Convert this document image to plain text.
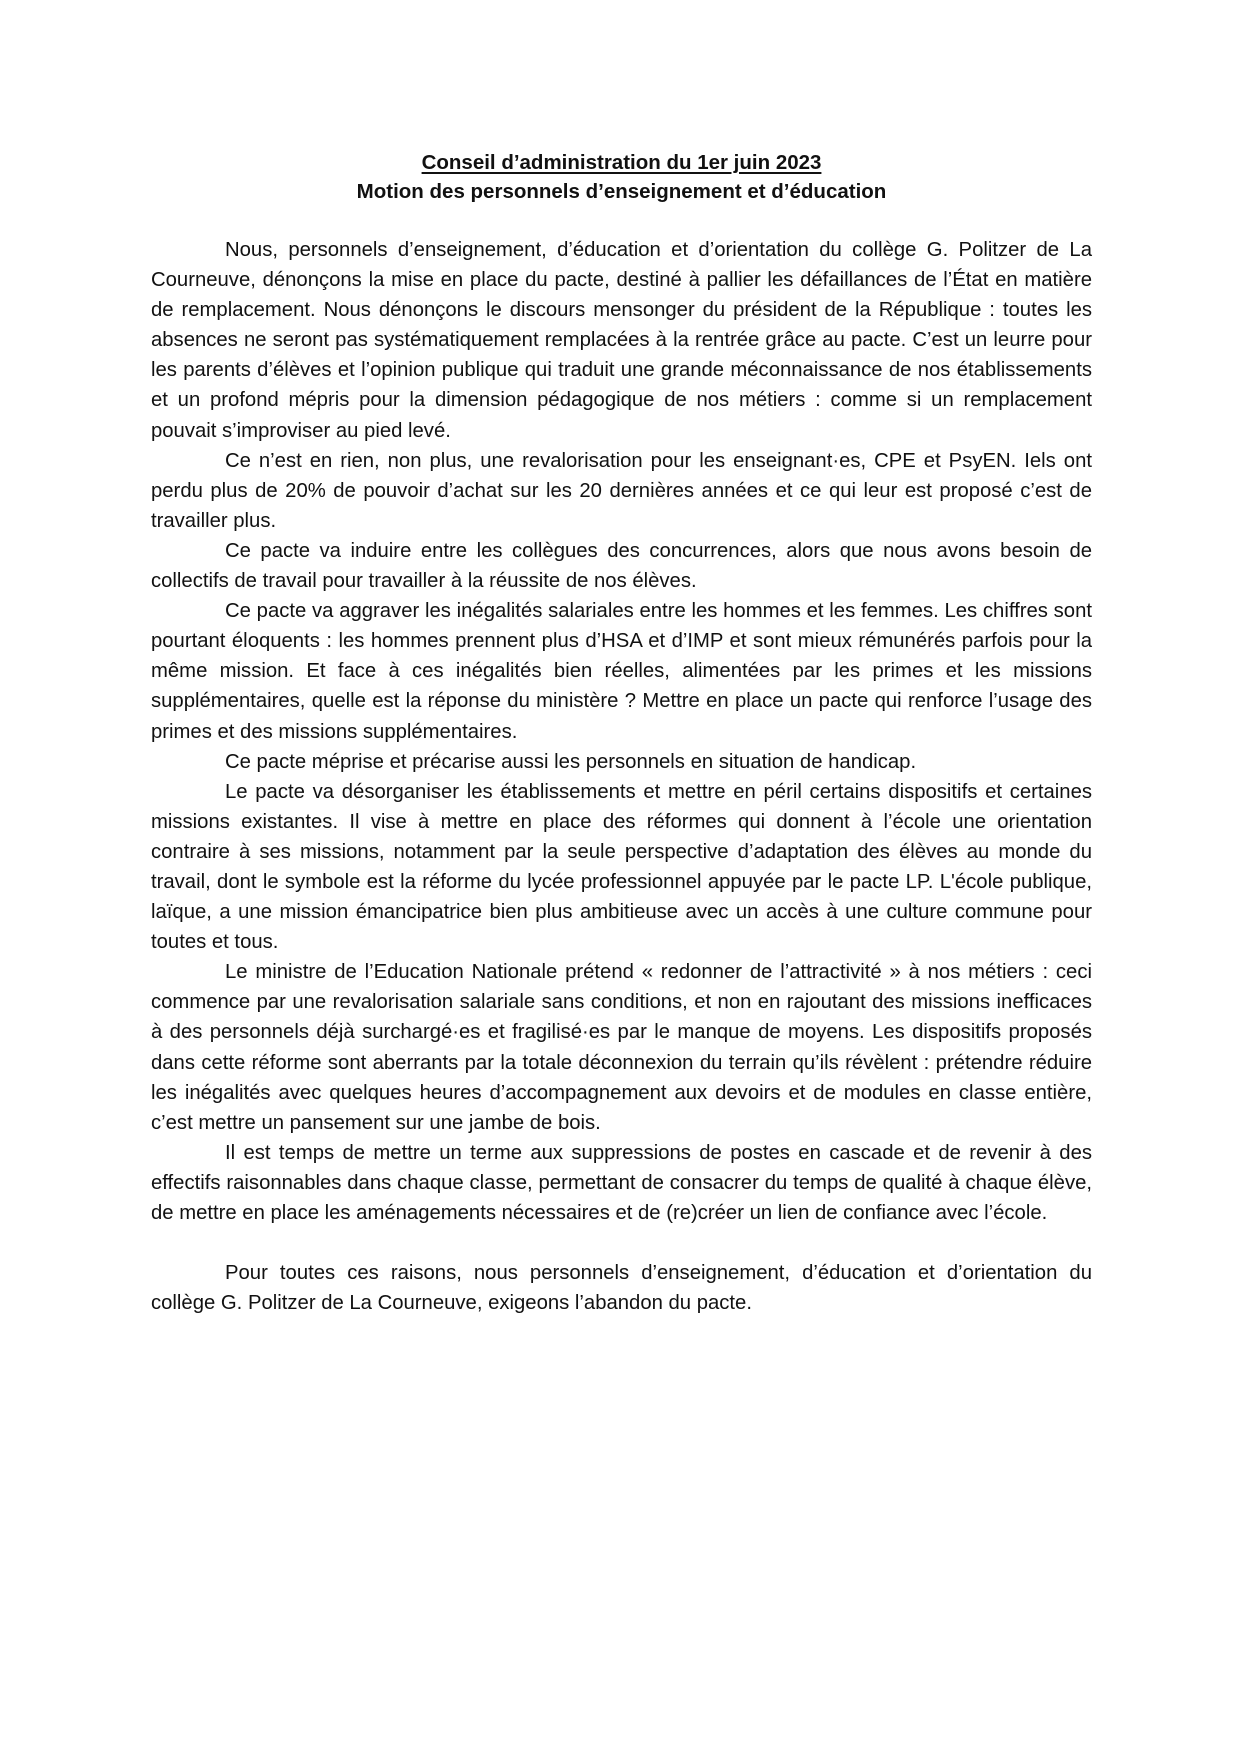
Conseil d’administration du 1er juin 2023

Motion des personnels d’enseignement et d’éducation

Nous, personnels d’enseignement, d’éducation et d’orientation du collège G. Politzer de La Courneuve, dénonçons la mise en place du pacte, destiné à pallier les défaillances de l’État en matière de remplacement. Nous dénonçons le discours mensonger du président de la République : toutes les absences ne seront pas systématiquement remplacées à la rentrée grâce au pacte. C’est un leurre pour les parents d’élèves et l’opinion publique qui traduit une grande méconnaissance de nos établissements et un profond mépris pour la dimension pédagogique de nos métiers : comme si un remplacement pouvait s’improviser au pied levé.

Ce n’est en rien, non plus, une revalorisation pour les enseignant·es, CPE et PsyEN. Iels ont perdu plus de 20% de pouvoir d’achat sur les 20 dernières années et ce qui leur est proposé c’est de travailler plus.

Ce pacte va induire entre les collègues des concurrences, alors que nous avons besoin de collectifs de travail pour travailler à la réussite de nos élèves.

Ce pacte va aggraver les inégalités salariales entre les hommes et les femmes. Les chiffres sont pourtant éloquents : les hommes prennent plus d’HSA et d’IMP et sont mieux rémunérés parfois pour la même mission. Et face à ces inégalités bien réelles, alimentées par les primes et les missions supplémentaires, quelle est la réponse du ministère ? Mettre en place un pacte qui renforce l’usage des primes et des missions supplémentaires.

Ce pacte méprise et précarise aussi les personnels en situation de handicap.

Le pacte va désorganiser les établissements et mettre en péril certains dispositifs et certaines missions existantes. Il vise à mettre en place des réformes qui donnent à l’école une orientation contraire à ses missions, notamment par la seule perspective d’adaptation des élèves au monde du travail, dont le symbole est la réforme du lycée professionnel appuyée par le pacte LP. L'école publique, laïque, a une mission émancipatrice bien plus ambitieuse avec un accès à une culture commune pour toutes et tous.

Le ministre de l’Education Nationale prétend « redonner de l’attractivité » à nos métiers : ceci commence par une revalorisation salariale sans conditions, et non en rajoutant des missions inefficaces à des personnels déjà surchargé·es et fragilisé·es par le manque de moyens. Les dispositifs proposés dans cette réforme sont aberrants par la totale déconnexion du terrain qu’ils révèlent : prétendre réduire les inégalités avec quelques heures d’accompagnement aux devoirs et de modules en classe entière, c’est mettre un pansement sur une jambe de bois.

Il est temps de mettre un terme aux suppressions de postes en cascade et de revenir à des effectifs raisonnables dans chaque classe, permettant de consacrer du temps de qualité à chaque élève, de mettre en place les aménagements nécessaires et de (re)créer un lien de confiance avec l’école.

Pour toutes ces raisons, nous personnels d’enseignement, d’éducation et d’orientation du collège G. Politzer de La Courneuve, exigeons l’abandon du pacte.
